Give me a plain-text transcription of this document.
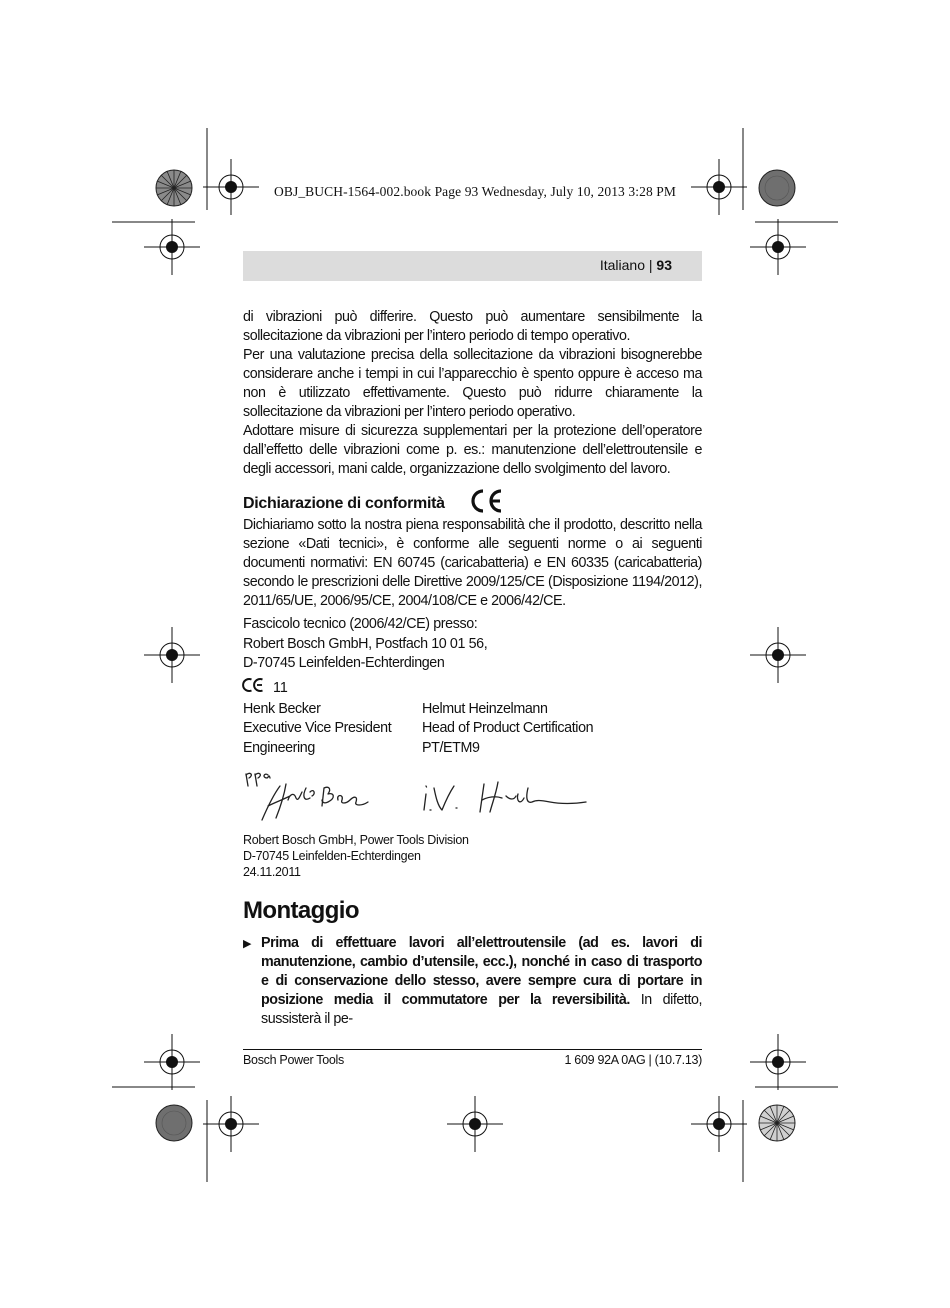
OBJ_BUCH-1564-002.book Page 93 Wednesday, July 10, 2013 3:28 PM
Italiano | 93

di vibrazioni può differire. Questo può aumentare sensibilmente la sollecitazione da vibrazioni per l’intero periodo di tempo operativo.

Per una valutazione precisa della sollecitazione da vibrazioni bisognerebbe considerare anche i tempi in cui l’apparecchio è spento oppure è acceso ma non è utilizzato effettivamente. Questo può ridurre chiaramente la sollecitazione da vibrazioni per l’intero periodo operativo.

Adottare misure di sicurezza supplementari per la protezione dell’operatore dall’effetto delle vibrazioni come p. es.: manutenzione dell’elettroutensile e degli accessori, mani calde, organizzazione dello svolgimento del lavoro.

Dichiarazione di conformità

Dichiariamo sotto la nostra piena responsabilità che il prodotto, descritto nella sezione «Dati tecnici», è conforme alle seguenti norme o ai seguenti documenti normativi: EN 60745 (caricabatteria) e EN 60335 (caricabatteria) secondo le prescrizioni delle Direttive 2009/125/CE (Disposizione 1194/2012), 2011/65/UE, 2006/95/CE, 2004/108/CE e 2006/42/CE.

Fascicolo tecnico (2006/42/CE) presso:
Robert Bosch GmbH, Postfach 10 01 56,
D-70745 Leinfelden-Echterdingen
11
Henk Becker	Helmut Heinzelmann
Executive Vice President	Head of Product Certification
Engineering	PT/ETM9
Robert Bosch GmbH, Power Tools Division
D-70745 Leinfelden-Echterdingen
24.11.2011
Montaggio
▶ Prima di effettuare lavori all’elettroutensile (ad es. lavori di manutenzione, cambio d’utensile, ecc.), nonché in caso di trasporto e di conservazione dello stesso, avere sempre cura di portare in posizione media il commutatore per la reversibilità. In difetto, sussisterà il pe-
Bosch Power Tools	1 609 92A 0AG | (10.7.13)
